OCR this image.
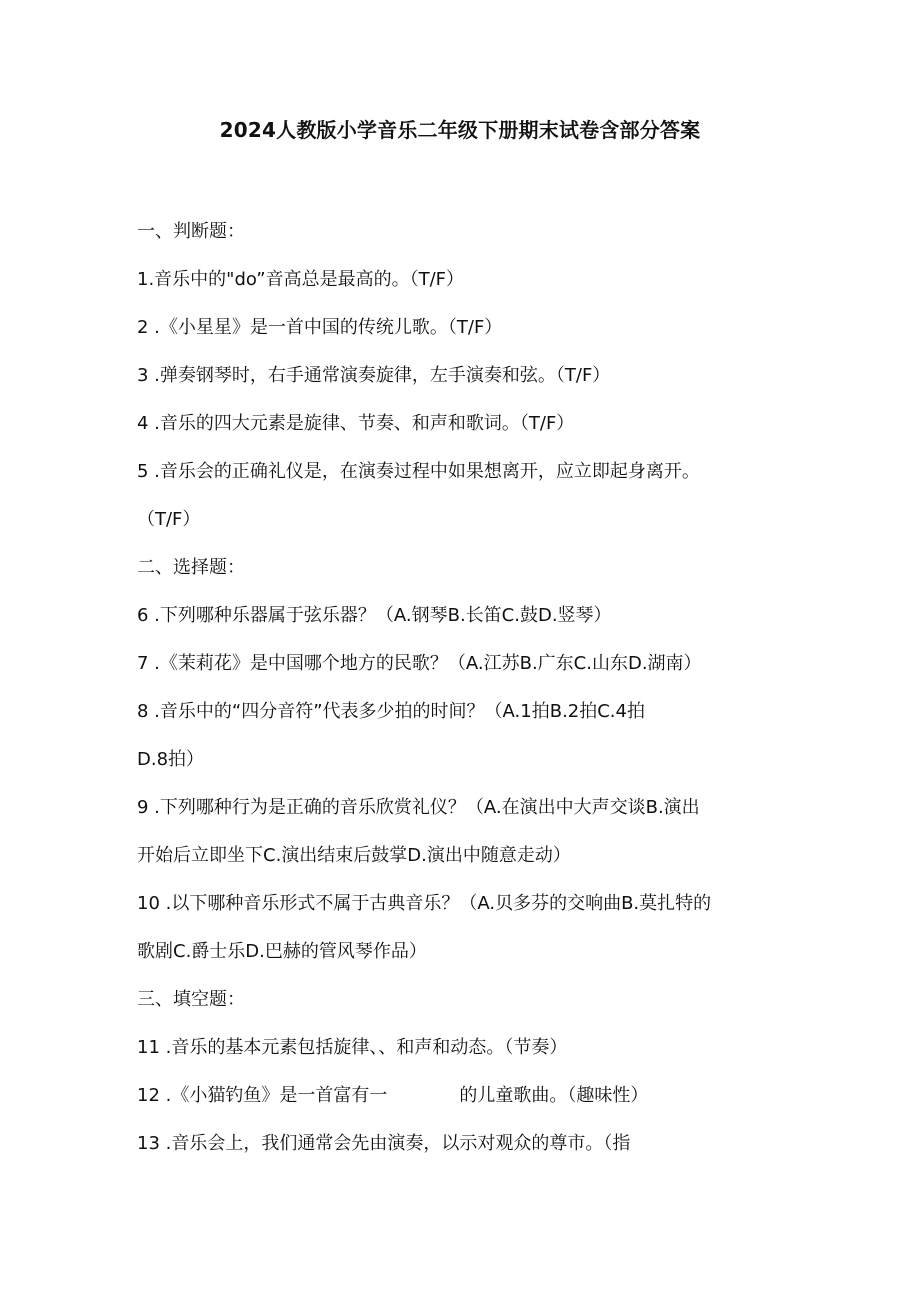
2024人教版小学音乐二年级下册期末试卷含部分答案
一、判断题：
1.音乐中的"do”音高总是最高的。（T/F）
2 .《小星星》是一首中国的传统儿歌。（T/F）
3 .弹奏钢琴时，右手通常演奏旋律，左手演奏和弦。（T/F）
4 .音乐的四大元素是旋律、节奏、和声和歌词。（T/F）
5 .音乐会的正确礼仪是，在演奏过程中如果想离开，应立即起身离开。
（T/F）
二、选择题：
6 .下列哪种乐器属于弦乐器？（A.钢琴B.长笛C.鼓D.竖琴）
7 .《茉莉花》是中国哪个地方的民歌？（A.江苏B.广东C.山东D.湖南）
8 .音乐中的“四分音符”代表多少拍的时间？（A.1拍B.2拍C.4拍
D.8拍）
9 .下列哪种行为是正确的音乐欣赏礼仪？（A.在演出中大声交谈B.演出
开始后立即坐下C.演出结束后鼓掌D.演出中随意走动）
10 .以下哪种音乐形式不属于古典音乐？（A.贝多芬的交响曲B.莫扎特的
歌剧C.爵士乐D.巴赫的管风琴作品）
三、填空题：
11 .音乐的基本元素包括旋律、、和声和动态。（节奏）
12 .《小猫钓鱼》是一首富有一	的儿童歌曲。（趣味性）
13 .音乐会上，我们通常会先由演奏，以示对观众的尊市。（指
